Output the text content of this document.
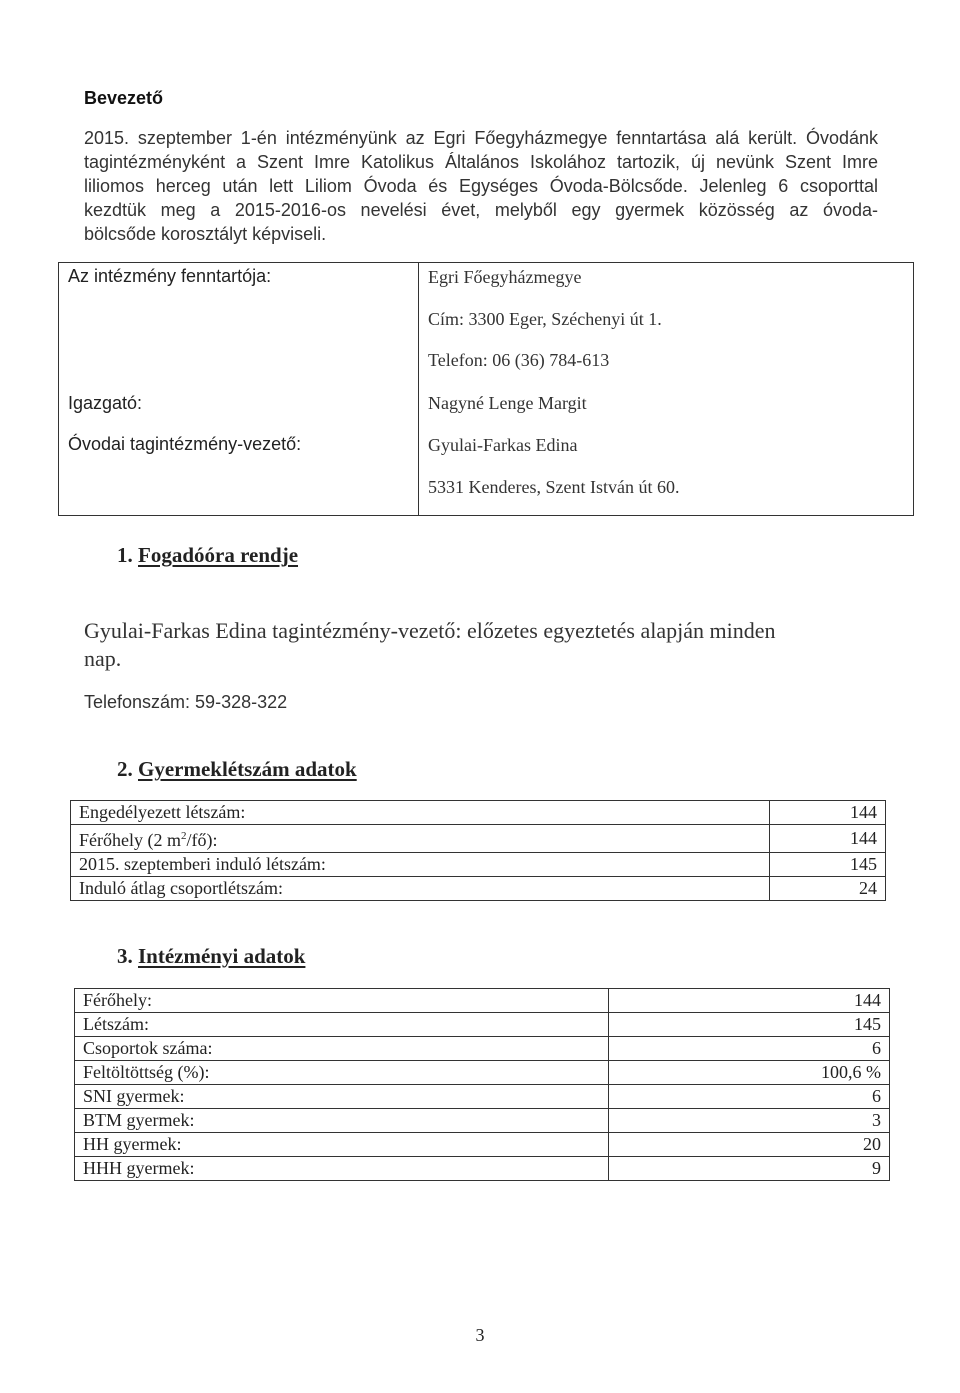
Bevezető

2015. szeptember 1-én intézményünk az Egri Főegyházmegye fenntartása alá került. Óvodánk

tagintézményként a Szent Imre Katolikus Általános Iskolához tartozik, új nevünk Szent Imre

liliomos herceg után lett Liliom Óvoda és Egységes Óvoda-Bölcsőde. Jelenleg 6 csoporttal

kezdtük meg a 2015-2016-os nevelési évet, melyből egy gyermek közösség az óvoda-

bölcsőde korosztályt képviseli.

Az intézmény fenntartója:	Egri Főegyházmegye
Cím: 3300 Eger, Széchenyi út 1.
Telefon: 06 (36) 784-613
Igazgató:	Nagyné Lenge Margit
Óvodai tagintézmény-vezető:	Gyulai-Farkas Edina
5331 Kenderes, Szent István út 60.
1. Fogadóóra rendje
Gyulai-Farkas Edina tagintézmény-vezető: előzetes egyeztetés alapján minden
nap.
Telefonszám: 59-328-322
2. Gyermeklétszám adatok
Engedélyezett létszám:	144
Férőhely (2 $m^2/fő$):	144
2015. szeptemberi induló létszám:	145
Induló átlag csoportlétszám:	24
3. Intézményi adatok
Férőhely:	144
Létszám:	145
Csoportok száma:	6
Feltöltöttség (%):	100,6 %
SNI gyermek:	6
BTM gyermek:	3
HH gyermek:	20
HHH gyermek:	9
3
